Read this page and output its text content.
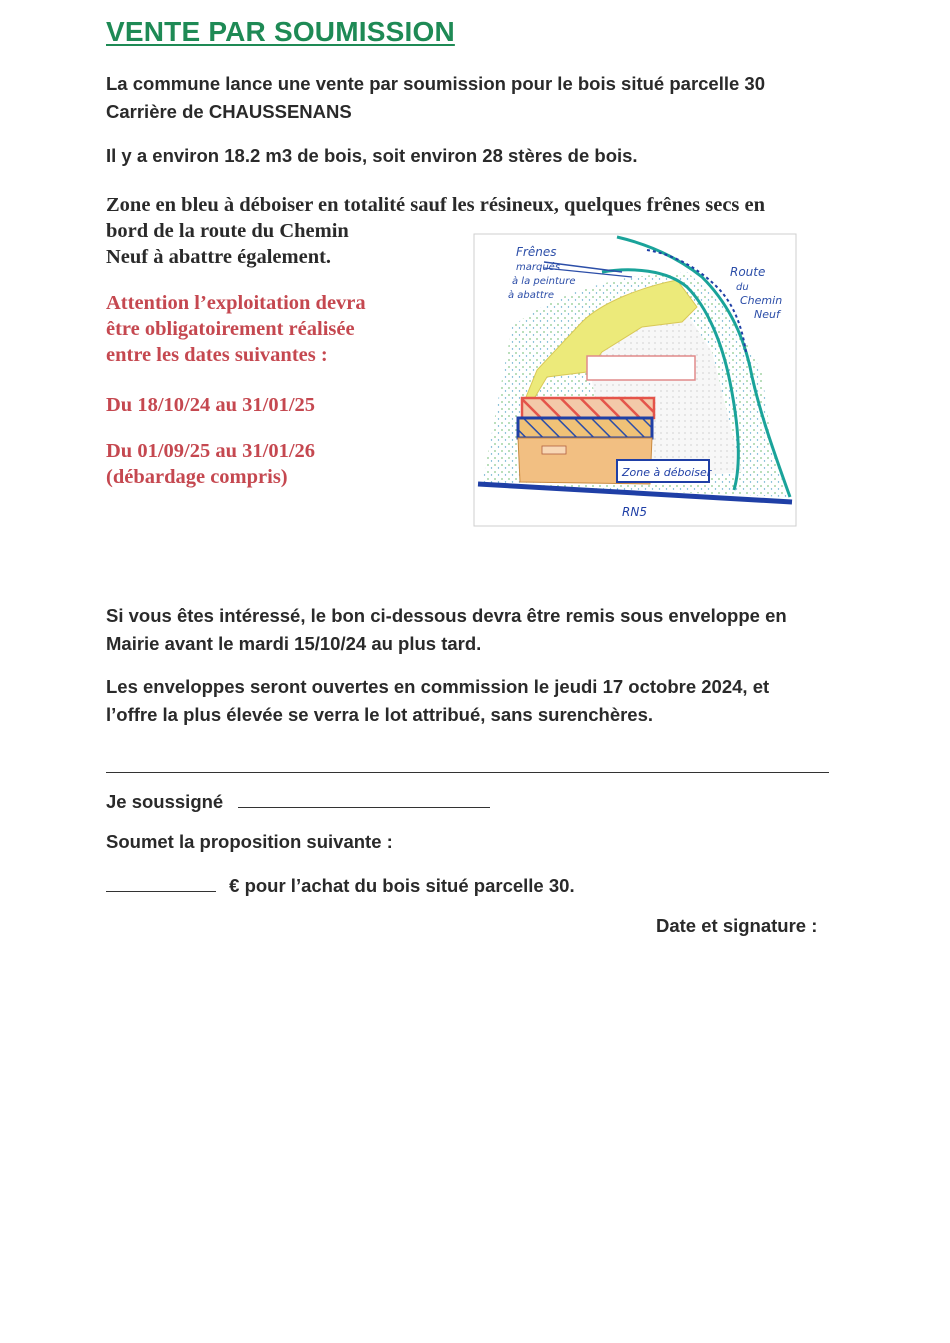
VENTE PAR SOUMISSION
La commune lance une vente par soumission pour le bois situé parcelle 30
Carrière de CHAUSSENANS
Il y a environ 18.2 m3 de bois, soit environ 28 stères de bois.
Zone en bleu à déboiser en totalité sauf les résineux, quelques frênes secs en
bord de la route du Chemin
Neuf à abattre également.
Attention l’exploitation devra
être obligatoirement réalisée
entre les dates suivantes :
Du 18/10/24 au 31/01/25
Du 01/09/25 au 31/01/26
(débardage compris)
Frênes
marqués
à la peinture
à abattre
Route
du
Chemin
Neuf
Zone à déboiser
RN5
Si vous êtes intéressé, le bon ci-dessous devra être remis sous enveloppe en
Mairie avant le mardi 15/10/24 au plus tard.
Les enveloppes seront ouvertes en commission le jeudi 17 octobre 2024, et
l’offre la plus élevée se verra le lot attribué, sans surenchères.
Je soussigné
Soumet la proposition suivante :
€ pour l’achat du bois situé parcelle 30.
Date et signature :
